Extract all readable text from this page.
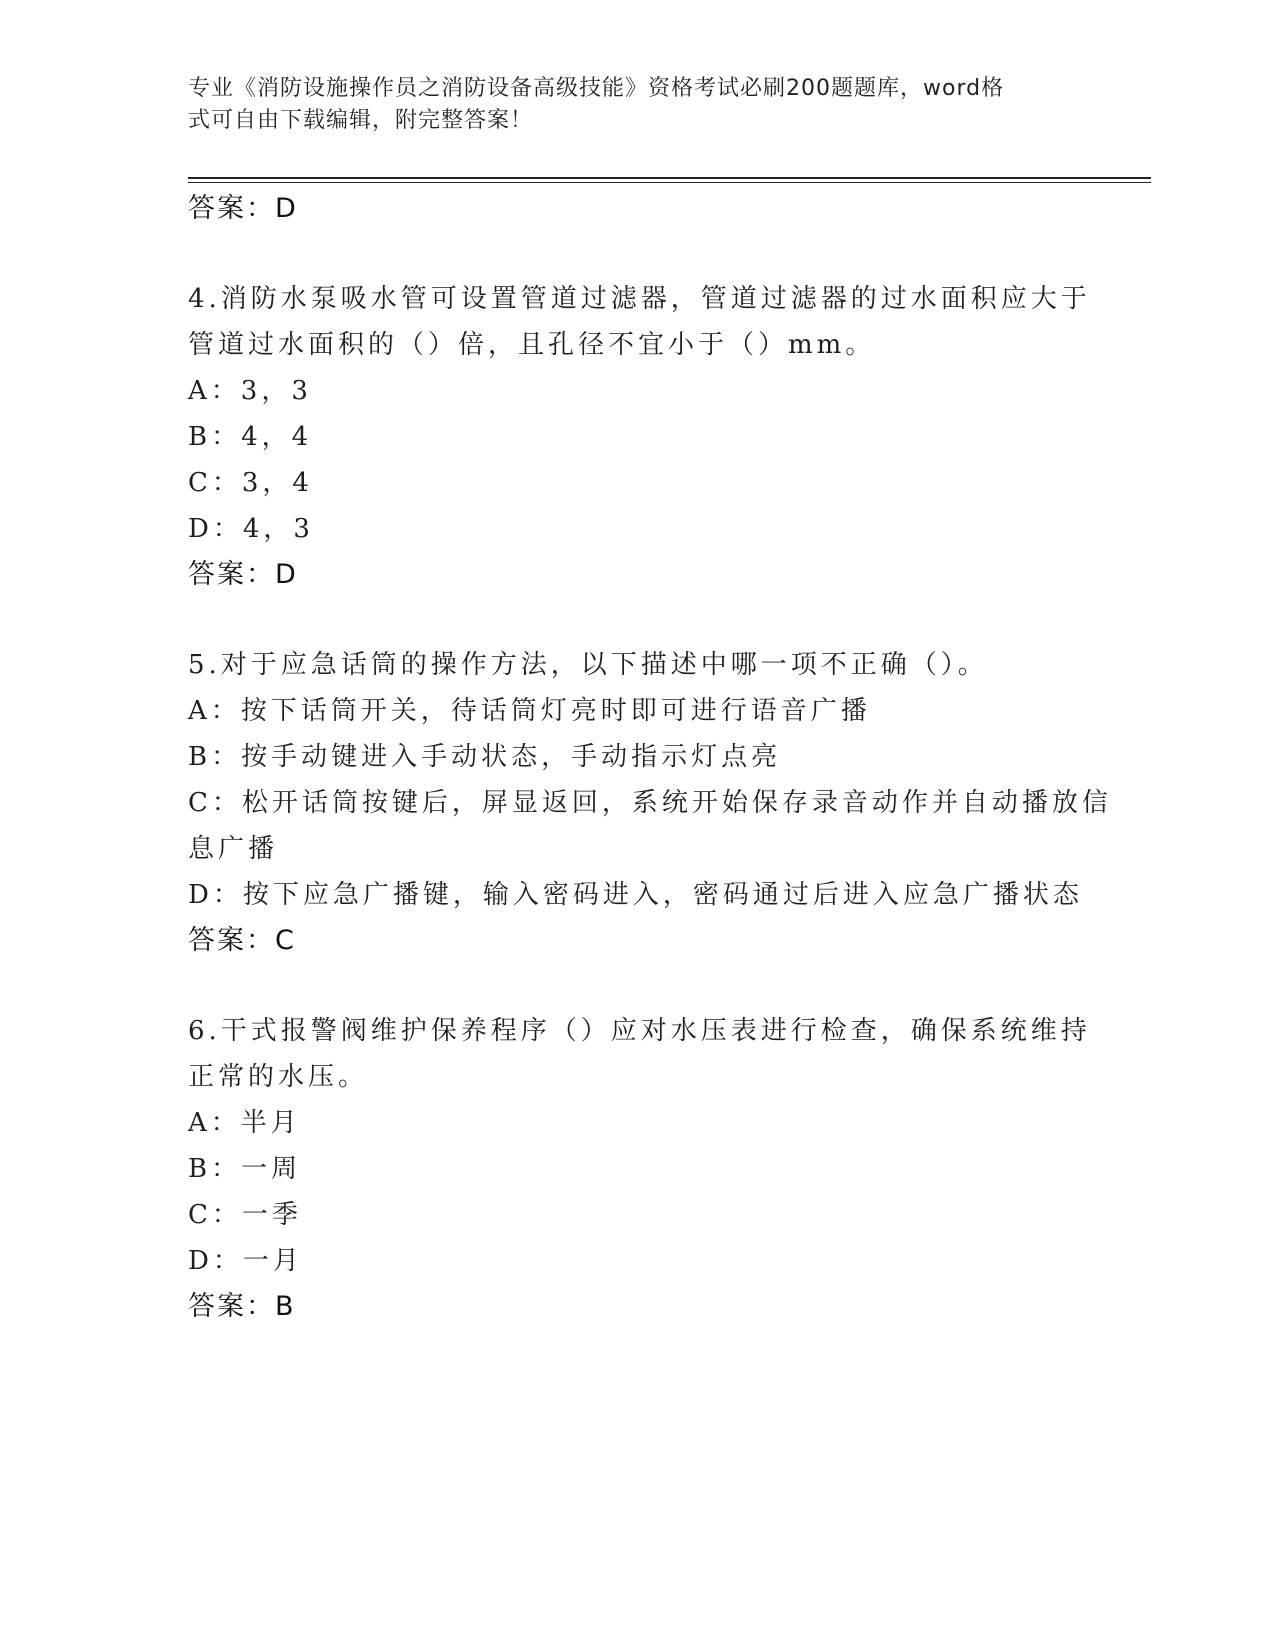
专业《消防设施操作员之消防设备高级技能》资格考试必刷200题题库，word格
式可自由下载编辑，附完整答案！
答案：D
4.消防水泵吸水管可设置管道过滤器，管道过滤器的过水面积应大于
管道过水面积的（）倍，且孔径不宜小于（）mm。
A：3，3
B：4，4
C：3，4
D：4，3
答案：D
5.对于应急话筒的操作方法，以下描述中哪一项不正确（）。
A：按下话筒开关，待话筒灯亮时即可进行语音广播
B：按手动键进入手动状态，手动指示灯点亮
C：松开话筒按键后，屏显返回，系统开始保存录音动作并自动播放信
息广播
D：按下应急广播键，输入密码进入，密码通过后进入应急广播状态
答案：C
6.干式报警阀维护保养程序（）应对水压表进行检查，确保系统维持
正常的水压。
A：半月
B：一周
C：一季
D：一月
答案：B
